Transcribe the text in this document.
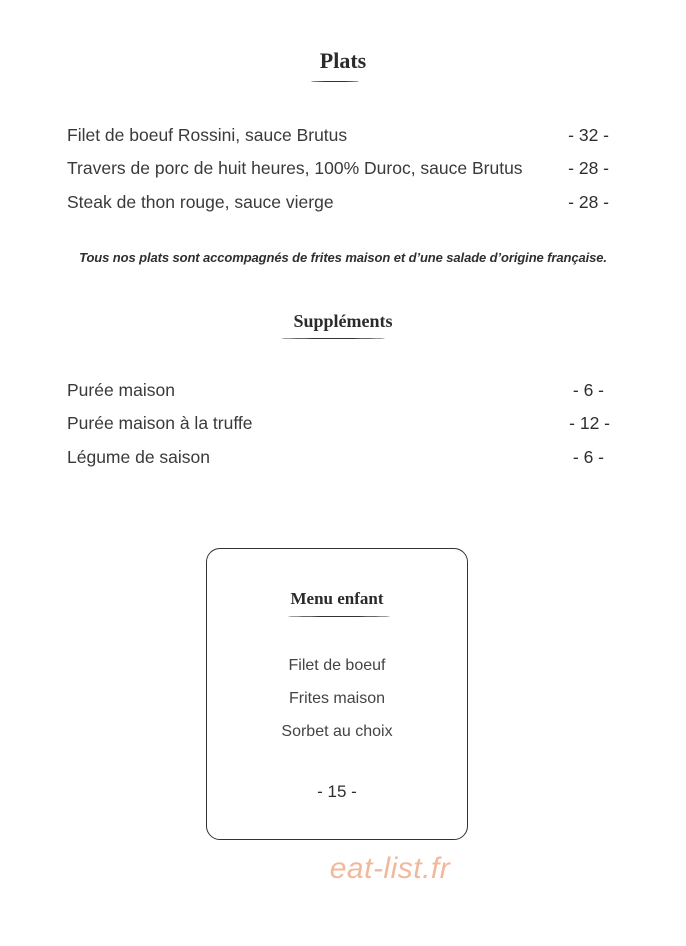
Plats
Filet de boeuf Rossini, sauce Brutus	- 32 -
Travers de porc de huit heures, 100% Duroc, sauce Brutus	- 28 -
Steak de thon rouge, sauce vierge	- 28 -
Tous nos plats sont accompagnés de frites maison et d’une salade d’origine française.
Suppléments
Purée maison	- 6 -
Purée maison à la truffe	- 12 -
Légume de saison	- 6 -
Menu enfant
Filet de boeuf
Frites maison
Sorbet au choix
- 15 -
eat-list.fr
